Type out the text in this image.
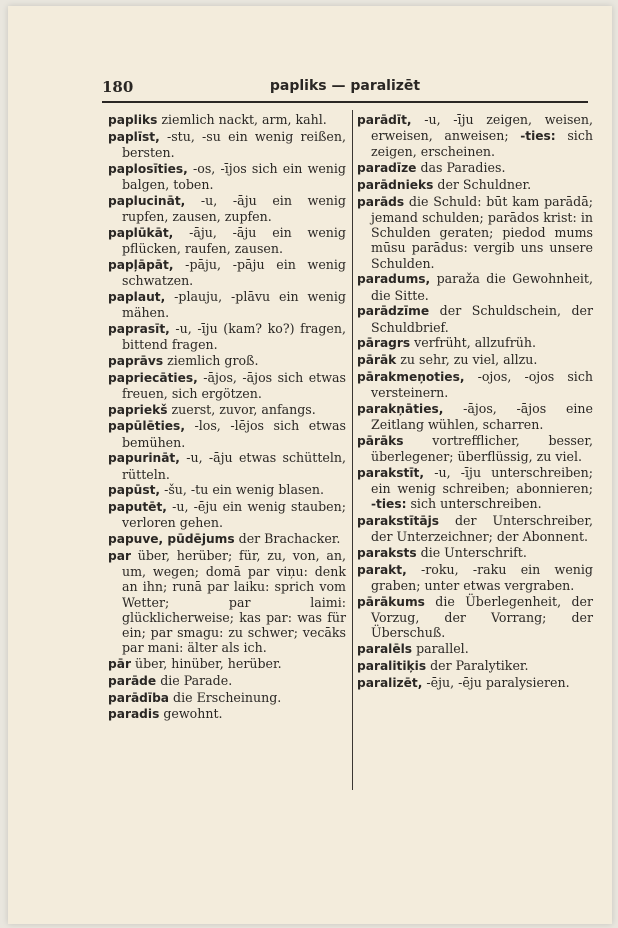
180	papliks — paralizēt

papliks ziemlich nackt, arm, kahl.

paplīst, -stu, -su ein wenig reißen, bersten.

paplosīties, -os, -ījos sich ein wenig balgen, toben.

paplucināt, -u, -āju ein wenig rupfen, zausen, zupfen.

paplūkāt, -āju, -āju ein wenig pflücken, raufen, zausen.

papļāpāt, -pāju, -pāju ein wenig schwatzen.

paplaut, -plauju, -plāvu ein wenig mähen.

paprasīt, -u, -īju (kam? ko?) fragen, bittend fragen.

paprāvs ziemlich groß.

papriecāties, -ājos, -ājos sich etwas freuen, sich ergötzen.

papriekš zuerst, zuvor, anfangs.

papūlēties, -los, -lējos sich etwas bemühen.

papurināt, -u, -āju etwas schütteln, rütteln.

papūst, -šu, -tu ein wenig blasen.

paputēt, -u, -ēju ein wenig stauben; verloren gehen.

papuve, pūdējums der Brachacker.

par über, herüber; für, zu, von, an, um, wegen; domā par viņu: denk an ihn; runā par laiku: sprich vom Wetter; par laimi: glücklicherweise; kas par: was für ein; par smagu: zu schwer; vecāks par mani: älter als ich.

pār über, hinüber, herüber.

parāde die Parade.

parādība die Erscheinung.

paradis gewohnt.

parādīt, -u, -īju zeigen, weisen, erweisen, anweisen; -ties: sich zeigen, erscheinen.

paradīze das Paradies.

parādnieks der Schuldner.

parāds die Schuld: būt kam parādā; jemand schulden; parādos krist: in Schulden geraten; piedod mums mūsu parādus: vergib uns unsere Schulden.

paradums, paraža die Gewohnheit, die Sitte.

parādzīme der Schuldschein, der Schuldbrief.

pāragrs verfrüht, allzufrüh.

pārāk zu sehr, zu viel, allzu.

pārakmeņoties, -ojos, -ojos sich versteinern.

parakņāties, -ājos, -ājos eine Zeitlang wühlen, scharren.

pārāks vortrefflicher, besser, überlegener; überflüssig, zu viel.

parakstīt, -u, -īju unterschreiben; ein wenig schreiben; abonnieren; -ties: sich unterschreiben.

parakstītājs der Unterschreiber, der Unterzeichner; der Abonnent.

paraksts die Unterschrift.

parakt, -roku, -raku ein wenig graben; unter etwas vergraben.

pārākums die Überlegenheit, der Vorzug, der Vorrang; der Überschuß.

paralēls parallel.

paralitiķis der Paralytiker.

paralizēt, -ēju, -ēju paralysieren.
